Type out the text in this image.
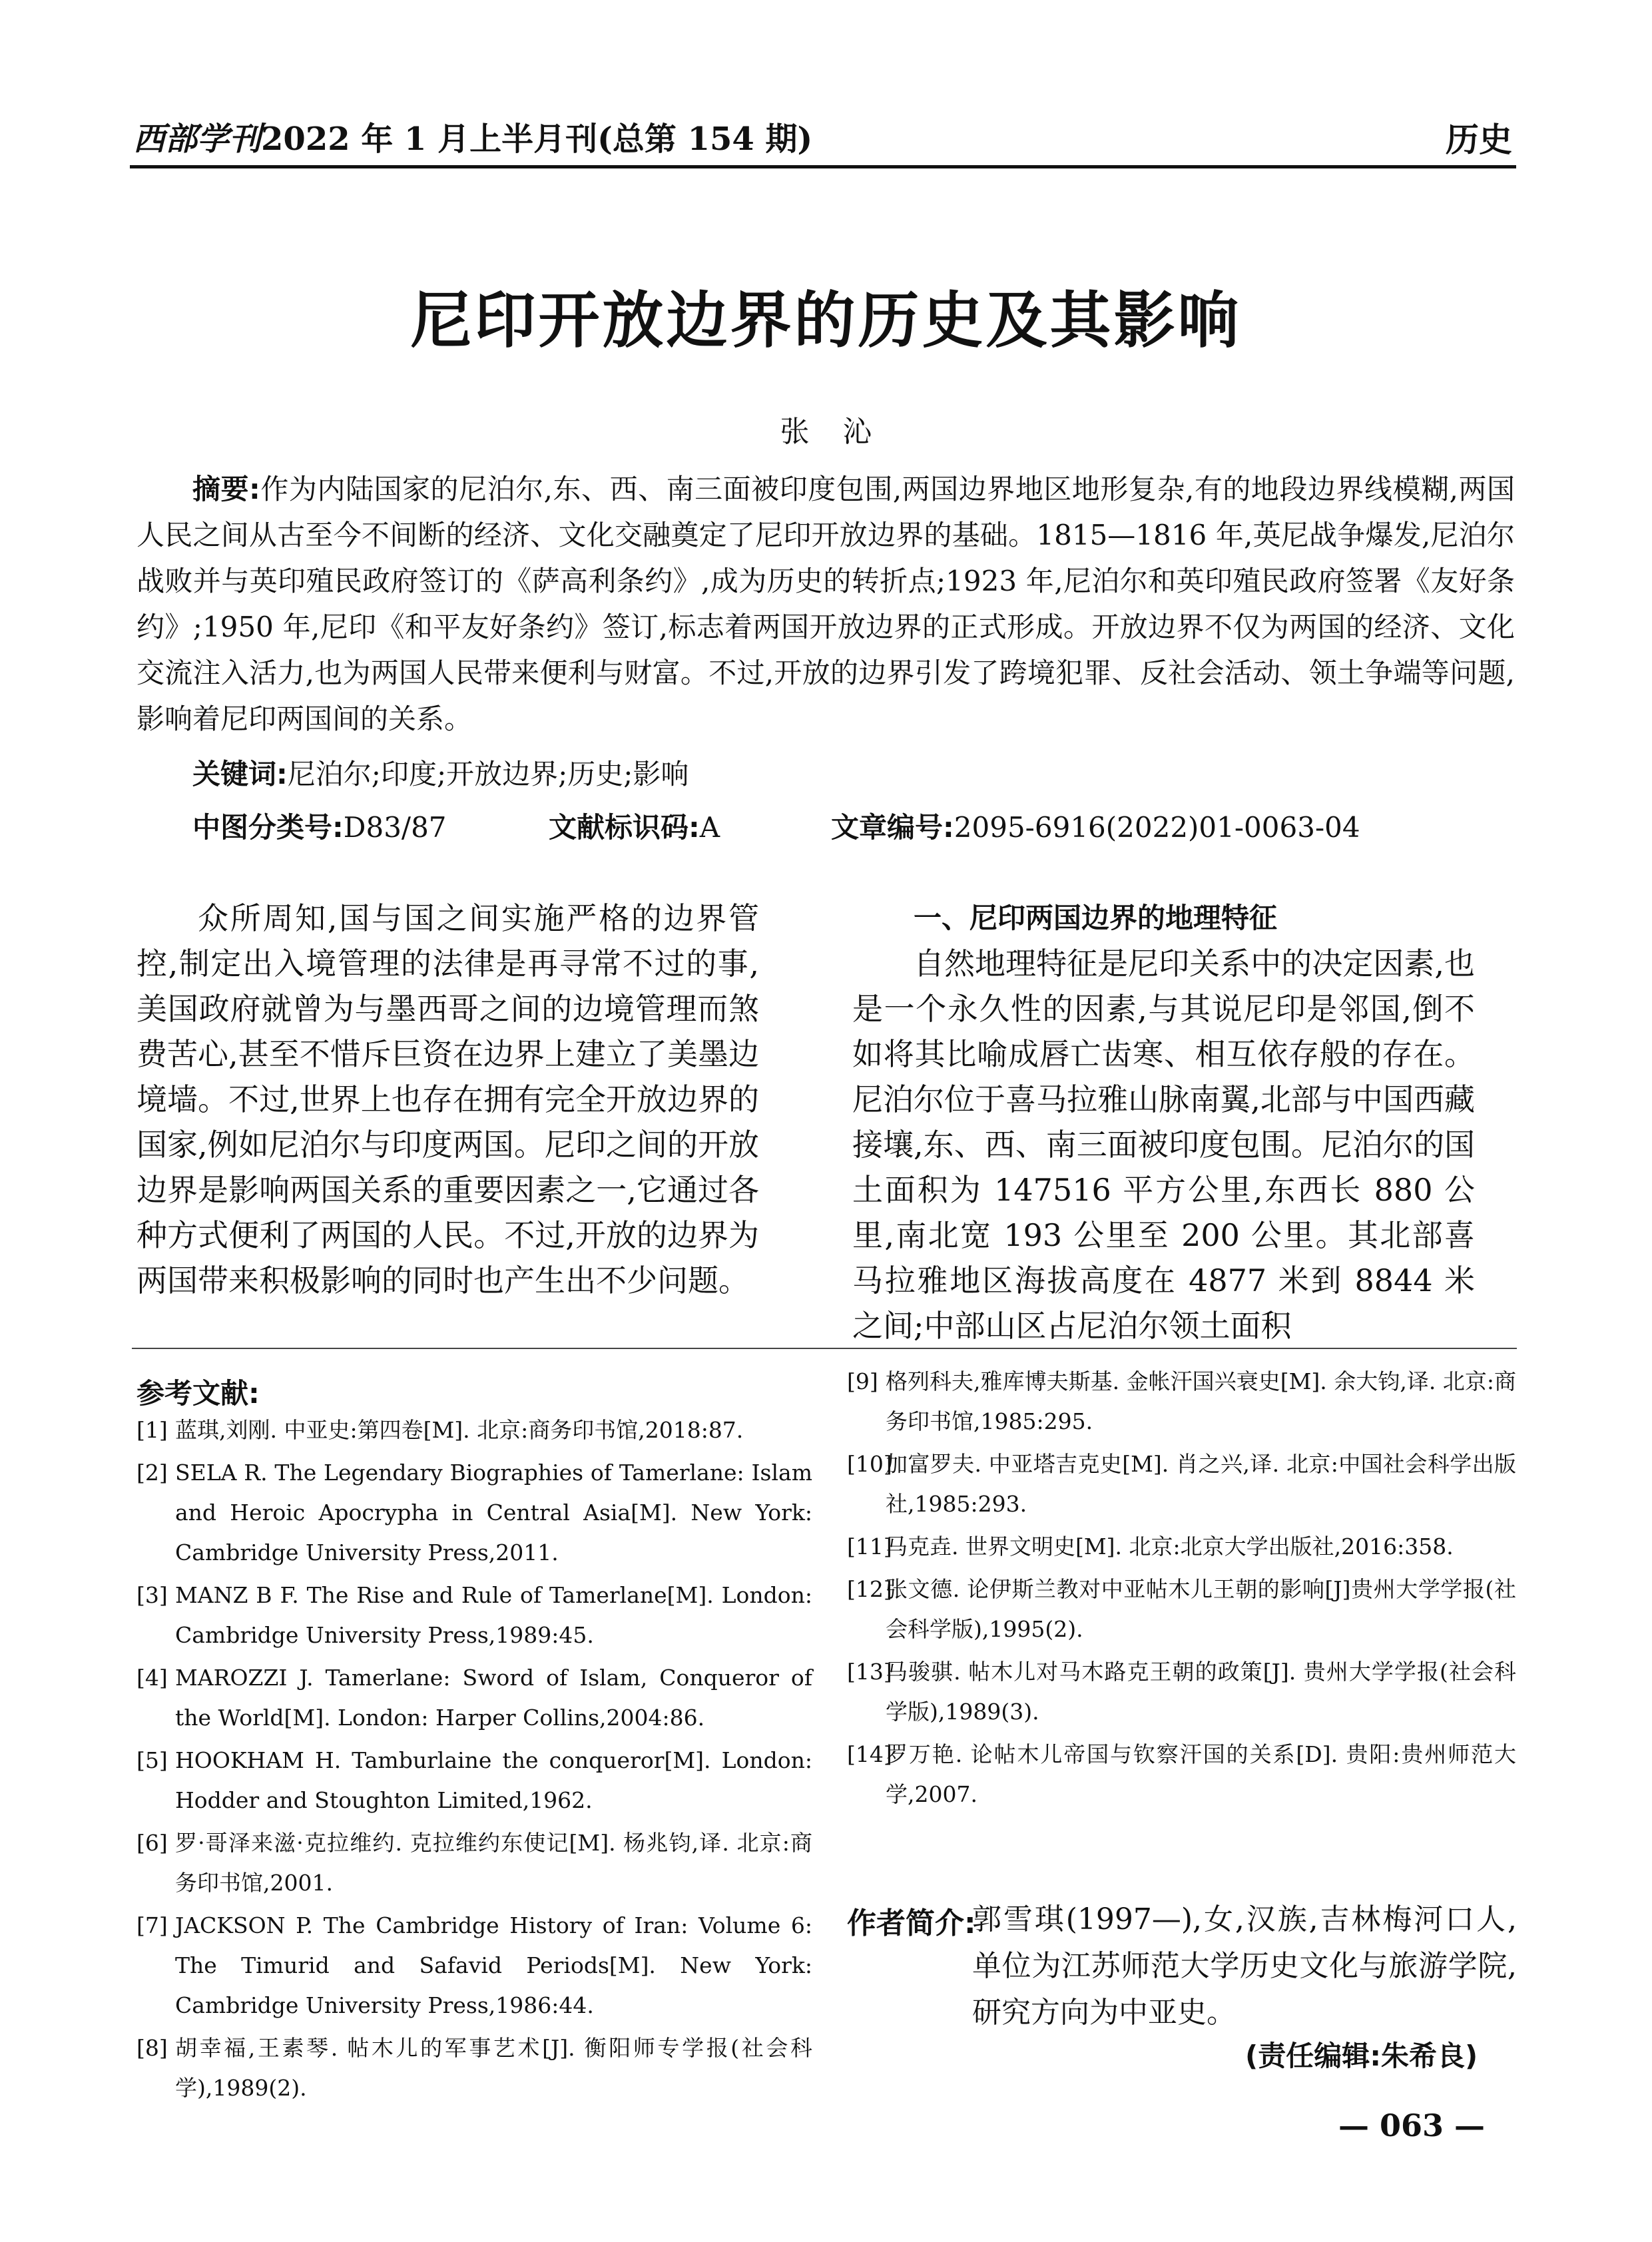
西部学刊2022 年 1 月上半月刊(总第 154 期)	历史
尼印开放边界的历史及其影响
张沁
摘要:作为内陆国家的尼泊尔,东、西、南三面被印度包围,两国边界地区地形复杂,有的地段边界线模糊,两国人民之间从古至今不间断的经济、文化交融奠定了尼印开放边界的基础。1815—1816 年,英尼战争爆发,尼泊尔战败并与英印殖民政府签订的《萨高利条约》,成为历史的转折点;1923 年,尼泊尔和英印殖民政府签署《友好条约》;1950 年,尼印《和平友好条约》签订,标志着两国开放边界的正式形成。开放边界不仅为两国的经济、文化交流注入活力,也为两国人民带来便利与财富。不过,开放的边界引发了跨境犯罪、反社会活动、领土争端等问题,影响着尼印两国间的关系。
关键词:尼泊尔;印度;开放边界;历史;影响
中图分类号:D83/87	文献标识码:A	文章编号:2095-6916(2022)01-0063-04
众所周知,国与国之间实施严格的边界管控,制定出入境管理的法律是再寻常不过的事,美国政府就曾为与墨西哥之间的边境管理而煞费苦心,甚至不惜斥巨资在边界上建立了美墨边境墙。不过,世界上也存在拥有完全开放边界的国家,例如尼泊尔与印度两国。尼印之间的开放边界是影响两国关系的重要因素之一,它通过各种方式便利了两国的人民。不过,开放的边界为两国带来积极影响的同时也产生出不少问题。

一、尼印两国边界的地理特征

自然地理特征是尼印关系中的决定因素,也是一个永久性的因素,与其说尼印是邻国,倒不如将其比喻成唇亡齿寒、相互依存般的存在。尼泊尔位于喜马拉雅山脉南翼,北部与中国西藏接壤,东、西、南三面被印度包围。尼泊尔的国土面积为 147516 平方公里,东西长 880 公里,南北宽 193 公里至 200 公里。其北部喜马拉雅地区海拔高度在 4877 米到 8844 米之间;中部山区占尼泊尔领土面积

参考文献:
[1] 蓝琪,刘刚. 中亚史:第四卷[M]. 北京:商务印书馆,2018:87.
[2] SELA R. The Legendary Biographies of Tamerlane: Islam and Heroic Apocrypha in Central Asia[M]. New York: Cambridge University Press,2011.
[3] MANZ B F. The Rise and Rule of Tamerlane[M]. London: Cambridge University Press,1989:45.
[4] MAROZZI J. Tamerlane: Sword of Islam, Conqueror of the World[M]. London: Harper Collins,2004:86.
[5] HOOKHAM H. Tamburlaine the conqueror[M]. London: Hodder and Stoughton Limited,1962.
[6] 罗·哥泽来滋·克拉维约. 克拉维约东使记[M]. 杨兆钧,译. 北京:商务印书馆,2001.
[7] JACKSON P. The Cambridge History of Iran: Volume 6: The Timurid and Safavid Periods[M]. New York: Cambridge University Press,1986:44.
[8] 胡幸福,王素琴. 帖木儿的军事艺术[J]. 衡阳师专学报(社会科学),1989(2).
[9] 格列科夫,雅库博夫斯基. 金帐汗国兴衰史[M]. 余大钧,译. 北京:商务印书馆,1985:295.
[10]
加富罗夫. 中亚塔吉克史[M]. 肖之兴,译. 北京:中国社会科学出版社,1985:293.
[11]
马克垚. 世界文明史[M]. 北京:北京大学出版社,2016:358.
[12]
张文德. 论伊斯兰教对中亚帖木儿王朝的影响[J]贵州大学学报(社会科学版),1995(2).
[13]
马骏骐. 帖木儿对马木路克王朝的政策[J]. 贵州大学学报(社会科学版),1989(3).
[14]
罗万艳. 论帖木儿帝国与钦察汗国的关系[D]. 贵阳:贵州师范大学,2007.
作者简介:
郭雪琪(1997—),女,汉族,吉林梅河口人,单位为江苏师范大学历史文化与旅游学院,研究方向为中亚史。
(责任编辑:朱希良)
— 063 —
